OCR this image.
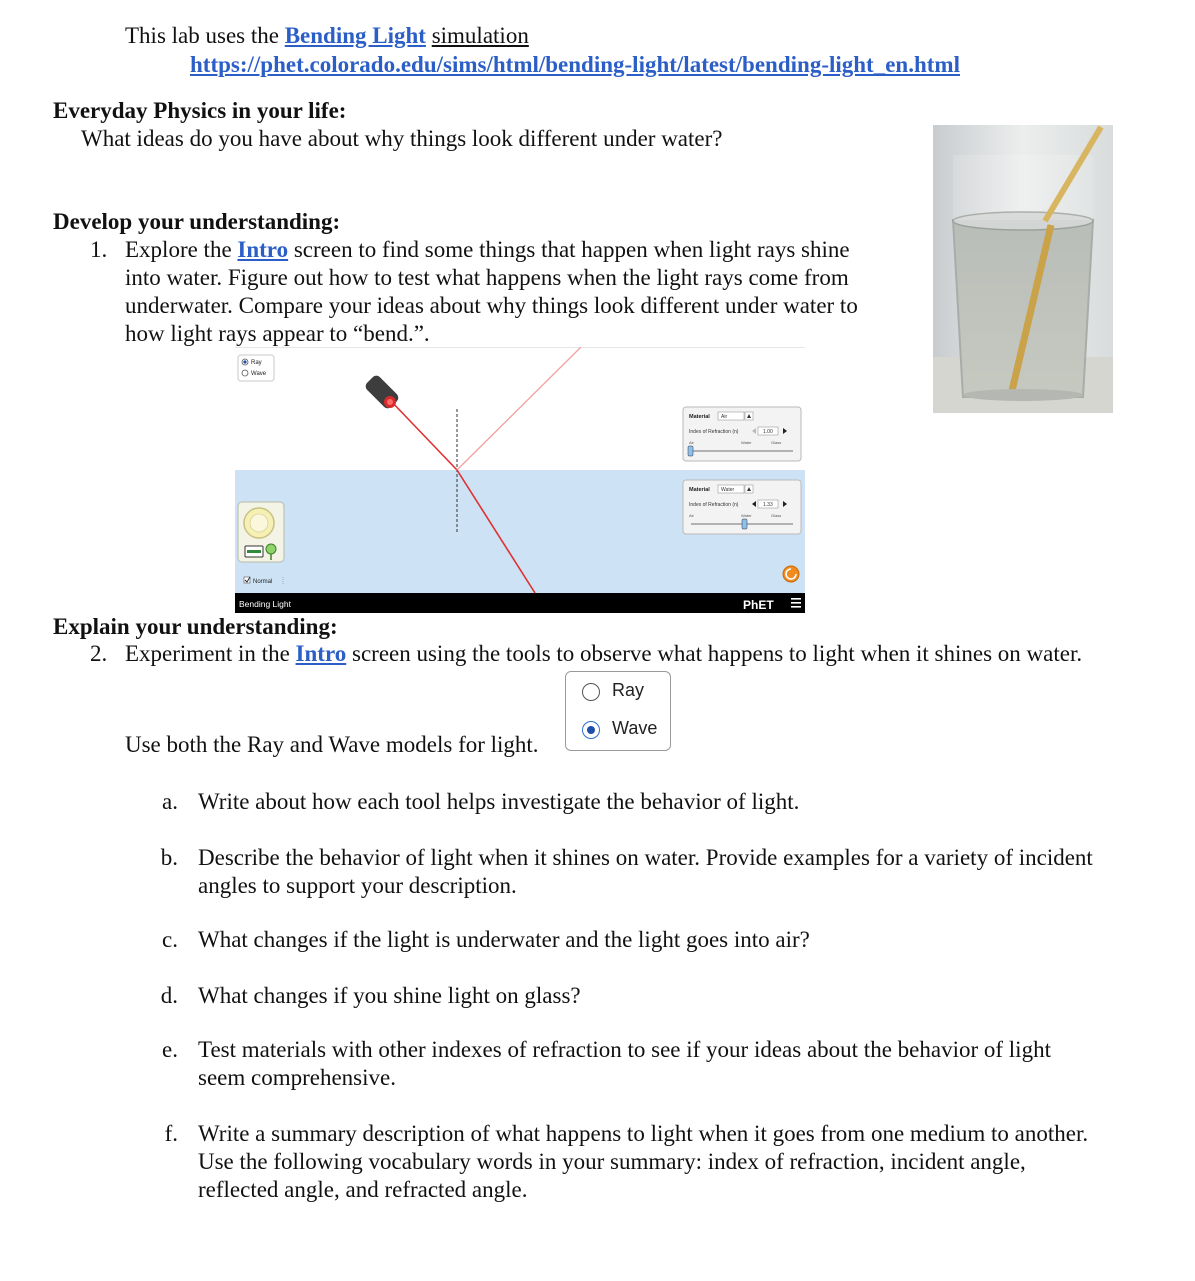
This lab uses the Bending Light simulation
https://phet.colorado.edu/sims/html/bending-light/latest/bending-light_en.html
Everyday Physics in your life:
What ideas do you have about why things look different under water?
Develop your understanding:
1. Explore the Intro screen to find some things that happen when light rays shine
into water. Figure out how to test what happens when the light rays come from
underwater. Compare your ideas about why things look different under water to
how light rays appear to “bend.”.
Ray
Wave
Material Air
Index of Refraction (n)	1.00
Air	Water	Glass
Material Water
Index of Refraction (n)	1.33
Air	Water	Glass
Normal
Bending Light	PhET
Explain your understanding:
2. Experiment in the Intro screen using the tools to observe what happens to light when it shines on water.
Ray
Wave
Use both the Ray and Wave models for light.
a. Write about how each tool helps investigate the behavior of light.
b. Describe the behavior of light when it shines on water. Provide examples for a variety of incident
angles to support your description.
c. What changes if the light is underwater and the light goes into air?
d. What changes if you shine light on glass?
e. Test materials with other indexes of refraction to see if your ideas about the behavior of light
seem comprehensive.
f. Write a summary description of what happens to light when it goes from one medium to another.
Use the following vocabulary words in your summary: index of refraction, incident angle,
reflected angle, and refracted angle.
